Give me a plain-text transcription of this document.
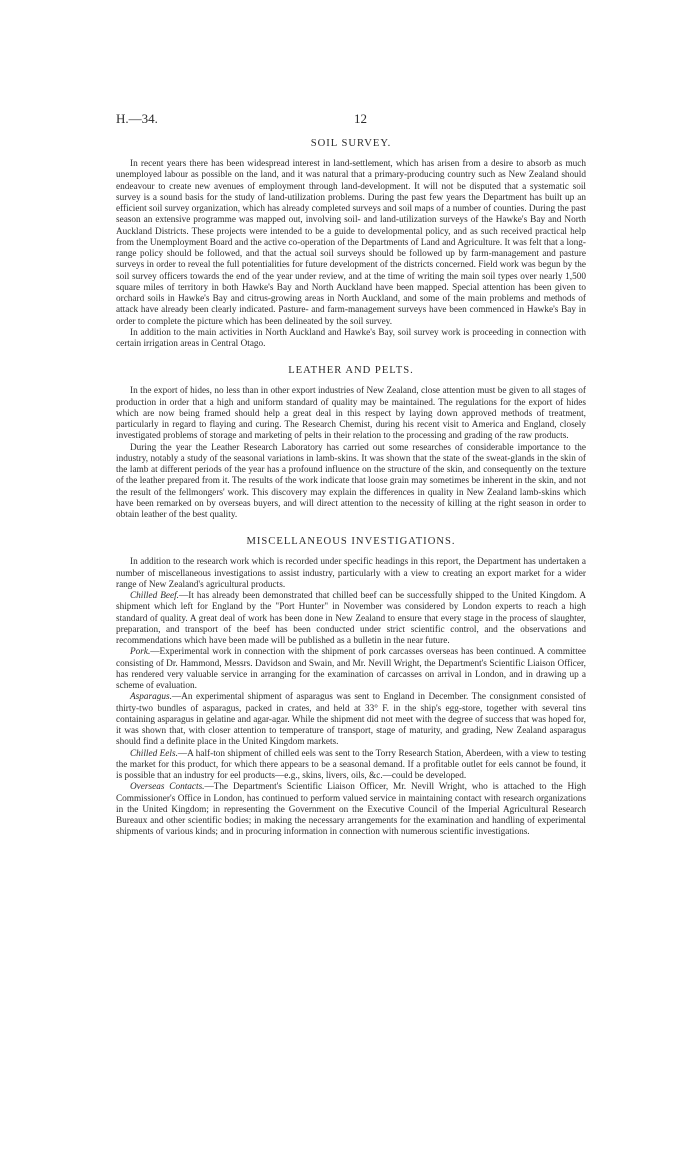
H.—34.	12
SOIL SURVEY.

In recent years there has been widespread interest in land-settlement, which has arisen from a desire to absorb as much unemployed labour as possible on the land, and it was natural that a primary-producing country such as New Zealand should endeavour to create new avenues of employment through land-development. It will not be disputed that a systematic soil survey is a sound basis for the study of land-utilization problems. During the past few years the Department has built up an efficient soil survey organization, which has already completed surveys and soil maps of a number of counties. During the past season an extensive programme was mapped out, involving soil- and land-utilization surveys of the Hawke's Bay and North Auckland Districts. These projects were intended to be a guide to developmental policy, and as such received practical help from the Unemployment Board and the active co-operation of the Departments of Land and Agriculture. It was felt that a long-range policy should be followed, and that the actual soil surveys should be followed up by farm-management and pasture surveys in order to reveal the full potentialities for future development of the districts concerned. Field work was begun by the soil survey officers towards the end of the year under review, and at the time of writing the main soil types over nearly 1,500 square miles of territory in both Hawke's Bay and North Auckland have been mapped. Special attention has been given to orchard soils in Hawke's Bay and citrus-growing areas in North Auckland, and some of the main problems and methods of attack have already been clearly indicated. Pasture- and farm-management surveys have been commenced in Hawke's Bay in order to complete the picture which has been delineated by the soil survey.

In addition to the main activities in North Auckland and Hawke's Bay, soil survey work is proceeding in connection with certain irrigation areas in Central Otago.

LEATHER AND PELTS.

In the export of hides, no less than in other export industries of New Zealand, close attention must be given to all stages of production in order that a high and uniform standard of quality may be maintained. The regulations for the export of hides which are now being framed should help a great deal in this respect by laying down approved methods of treatment, particularly in regard to flaying and curing. The Research Chemist, during his recent visit to America and England, closely investigated problems of storage and marketing of pelts in their relation to the processing and grading of the raw products.

During the year the Leather Research Laboratory has carried out some researches of considerable importance to the industry, notably a study of the seasonal variations in lamb-skins. It was shown that the state of the sweat-glands in the skin of the lamb at different periods of the year has a profound influence on the structure of the skin, and consequently on the texture of the leather prepared from it. The results of the work indicate that loose grain may sometimes be inherent in the skin, and not the result of the fellmongers' work. This discovery may explain the differences in quality in New Zealand lamb-skins which have been remarked on by overseas buyers, and will direct attention to the necessity of killing at the right season in order to obtain leather of the best quality.

MISCELLANEOUS INVESTIGATIONS.

In addition to the research work which is recorded under specific headings in this report, the Department has undertaken a number of miscellaneous investigations to assist industry, particularly with a view to creating an export market for a wider range of New Zealand's agricultural products.

Chilled Beef.—It has already been demonstrated that chilled beef can be successfully shipped to the United Kingdom. A shipment which left for England by the "Port Hunter" in November was considered by London experts to reach a high standard of quality. A great deal of work has been done in New Zealand to ensure that every stage in the process of slaughter, preparation, and transport of the beef has been conducted under strict scientific control, and the observations and recommendations which have been made will be published as a bulletin in the near future.

Pork.—Experimental work in connection with the shipment of pork carcasses overseas has been continued. A committee consisting of Dr. Hammond, Messrs. Davidson and Swain, and Mr. Nevill Wright, the Department's Scientific Liaison Officer, has rendered very valuable service in arranging for the examination of carcasses on arrival in London, and in drawing up a scheme of evaluation.

Asparagus.—An experimental shipment of asparagus was sent to England in December. The consignment consisted of thirty-two bundles of asparagus, packed in crates, and held at 33° F. in the ship's egg-store, together with several tins containing asparagus in gelatine and agar-agar. While the shipment did not meet with the degree of success that was hoped for, it was shown that, with closer attention to temperature of transport, stage of maturity, and grading, New Zealand asparagus should find a definite place in the United Kingdom markets.

Chilled Eels.—A half-ton shipment of chilled eels was sent to the Torry Research Station, Aberdeen, with a view to testing the market for this product, for which there appears to be a seasonal demand. If a profitable outlet for eels cannot be found, it is possible that an industry for eel products—e.g., skins, livers, oils, &c.—could be developed.

Overseas Contacts.—The Department's Scientific Liaison Officer, Mr. Nevill Wright, who is attached to the High Commissioner's Office in London, has continued to perform valued service in maintaining contact with research organizations in the United Kingdom; in representing the Government on the Executive Council of the Imperial Agricultural Research Bureaux and other scientific bodies; in making the necessary arrangements for the examination and handling of experimental shipments of various kinds; and in procuring information in connection with numerous scientific investigations.
